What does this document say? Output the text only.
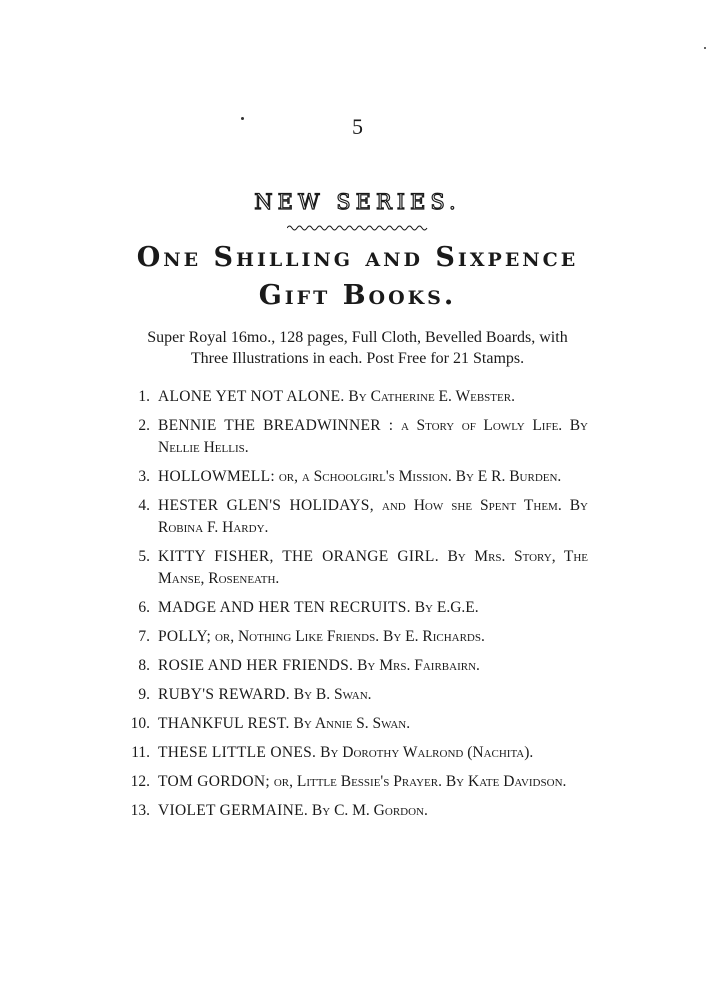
5
NEW SERIES.
One Shilling and Sixpence
Gift Books.
Super Royal 16mo., 128 pages, Full Cloth, Bevelled Boards, with
Three Illustrations in each. Post Free for 21 Stamps.
1. ALONE YET NOT ALONE. By Catherine E. Webster.
2. BENNIE THE BREADWINNER : a Story of Lowly Life. By Nellie Hellis.
3. HOLLOWMELL: or, a Schoolgirl's Mission. By E R. Burden.
4. HESTER GLEN'S HOLIDAYS, and How she Spent Them. By Robina F. Hardy.
5. KITTY FISHER, THE ORANGE GIRL. By Mrs. Story, The Manse, Roseneath.
6. MADGE AND HER TEN RECRUITS. By E.G.E.
7. POLLY; or, Nothing Like Friends. By E. Richards.
8. ROSIE AND HER FRIENDS. By Mrs. Fairbairn.
9. RUBY'S REWARD. By B. Swan.
10. THANKFUL REST. By Annie S. Swan.
11. THESE LITTLE ONES. By Dorothy Walrond (Nachita).
12. TOM GORDON; or, Little Bessie's Prayer. By Kate Davidson.
13. VIOLET GERMAINE. By C. M. Gordon.
